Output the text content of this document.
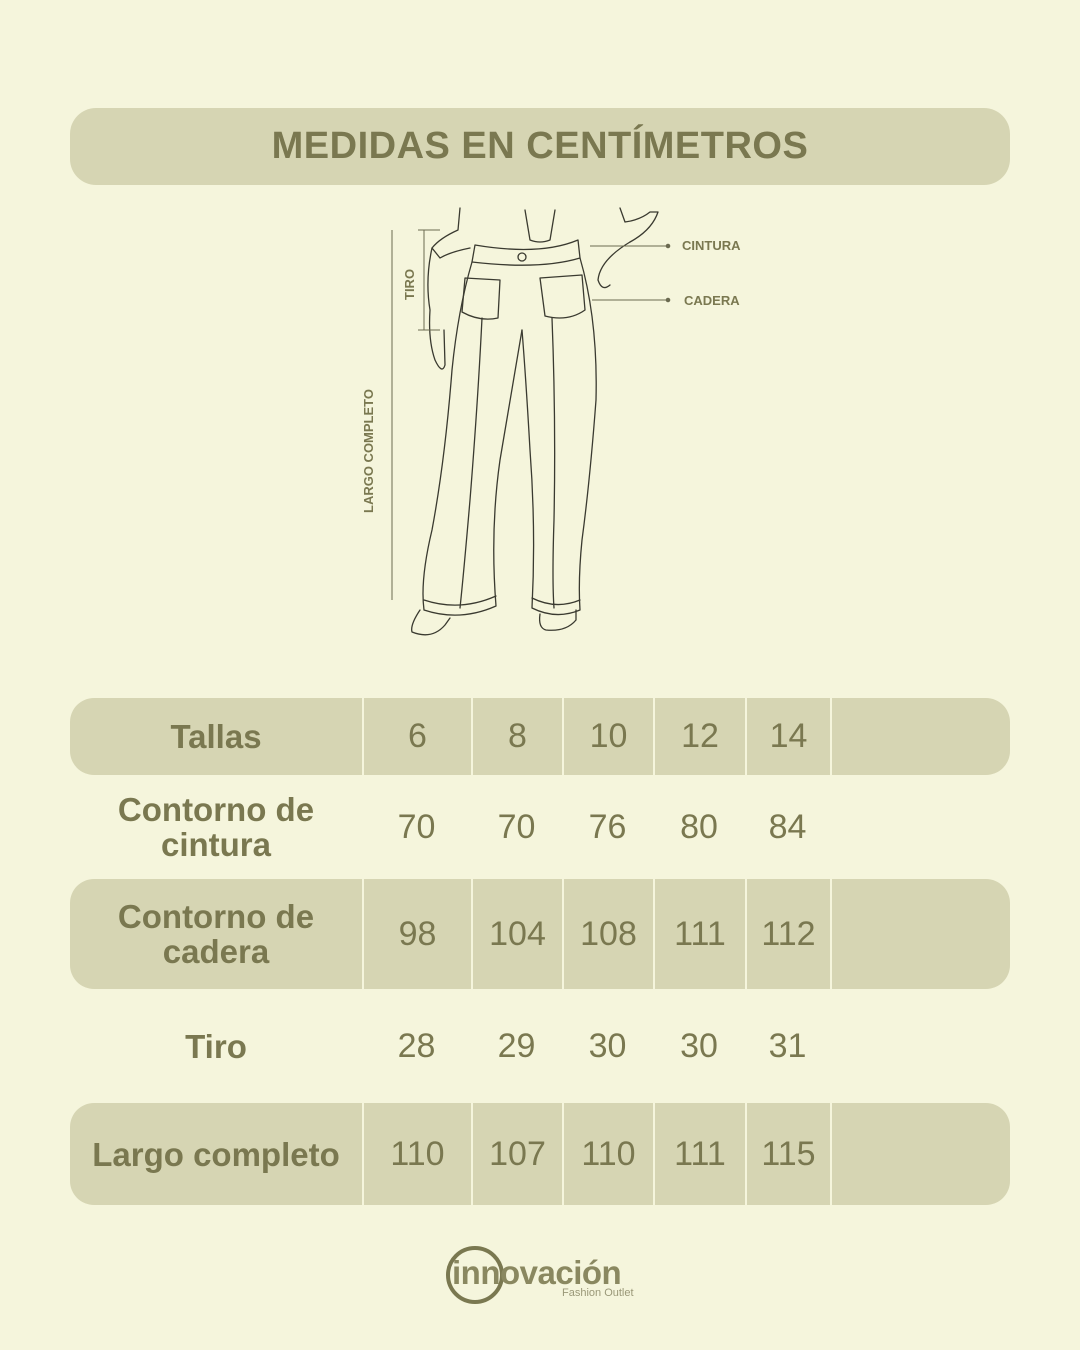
MEDIDAS EN CENTÍMETROS
CINTURA
CADERA
TIRO
LARGO COMPLETO
Tallas	6	8	10	12	14
Contorno de cintura	70	70	76	80	84
Contorno de cadera	98	104	108	111	112
Tiro	28	29	30	30	31
Largo completo	110	107	110	111	115
innovación
Fashion Outlet
